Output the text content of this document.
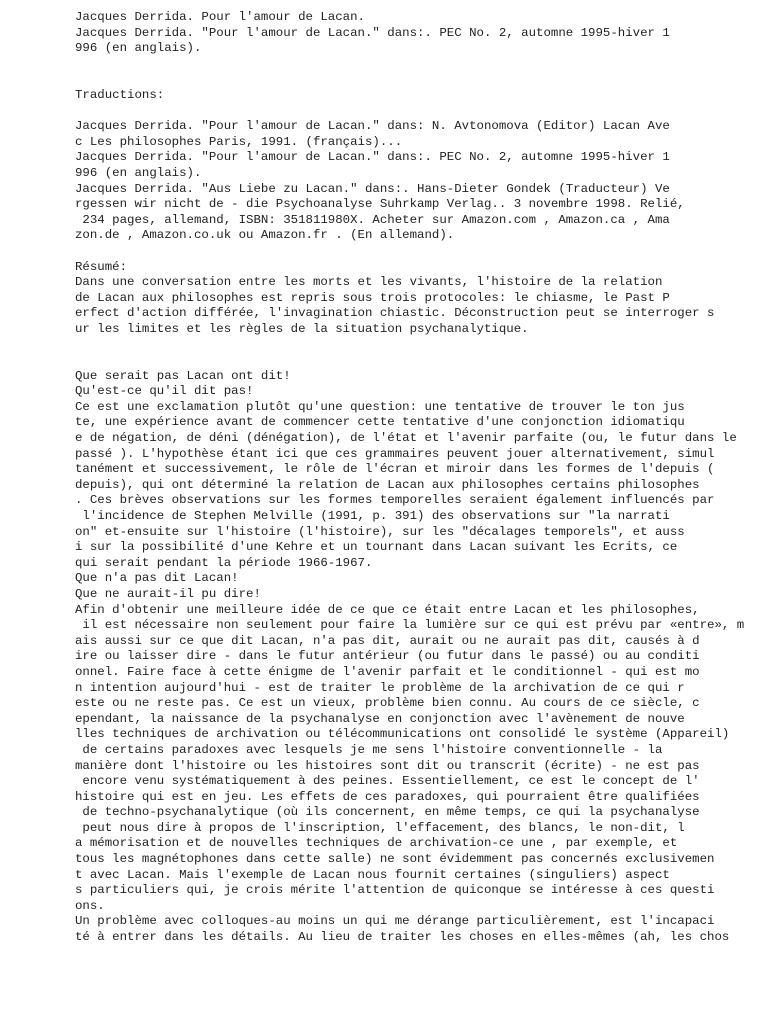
Jacques Derrida. Pour l'amour de Lacan.
Jacques Derrida. "Pour l'amour de Lacan." dans:. PEC No. 2, automne 1995-hiver 1
996 (en anglais).
Traductions:
Jacques Derrida. "Pour l'amour de Lacan." dans: N. Avtonomova (Editor) Lacan Ave
c Les philosophes Paris, 1991. (français)...
Jacques Derrida. "Pour l'amour de Lacan." dans:. PEC No. 2, automne 1995-hiver 1
996 (en anglais).
Jacques Derrida. "Aus Liebe zu Lacan." dans:. Hans-Dieter Gondek (Traducteur) Ve
rgessen wir nicht de - die Psychoanalyse Suhrkamp Verlag.. 3 novembre 1998. Relié,
234 pages, allemand, ISBN: 351811980X. Acheter sur Amazon.com , Amazon.ca , Ama
zon.de , Amazon.co.uk ou Amazon.fr . (En allemand).
Résumé:
Dans une conversation entre les morts et les vivants, l'histoire de la relation
de Lacan aux philosophes est repris sous trois protocoles: le chiasme, le Past P
erfect d'action différée, l'invagination chiastic. Déconstruction peut se interroger s
ur les limites et les règles de la situation psychanalytique.
Que serait pas Lacan ont dit!
Qu'est-ce qu'il dit pas!
Ce est une exclamation plutôt qu'une question: une tentative de trouver le ton jus
te, une expérience avant de commencer cette tentative d'une conjonction idiomatiqu
e de négation, de déni (dénégation), de l'état et l'avenir parfaite (ou, le futur dans le
passé ). L'hypothèse étant ici que ces grammaires peuvent jouer alternativement, simul
tanément et successivement, le rôle de l'écran et miroir dans les formes de l'depuis (
depuis), qui ont déterminé la relation de Lacan aux philosophes certains philosophes
. Ces brèves observations sur les formes temporelles seraient également influencés par
l'incidence de Stephen Melville (1991, p. 391) des observations sur "la narrati
on" et-ensuite sur l'histoire (l'histoire), sur les "décalages temporels", et auss
i sur la possibilité d'une Kehre et un tournant dans Lacan suivant les Ecrits, ce
qui serait pendant la période 1966-1967.
Que n'a pas dit Lacan!
Que ne aurait-il pu dire!
Afin d'obtenir une meilleure idée de ce que ce était entre Lacan et les philosophes,
il est nécessaire non seulement pour faire la lumière sur ce qui est prévu par «entre», m
ais aussi sur ce que dit Lacan, n'a pas dit, aurait ou ne aurait pas dit, causés à d
ire ou laisser dire - dans le futur antérieur (ou futur dans le passé) ou au conditi
onnel. Faire face à cette énigme de l'avenir parfait et le conditionnel - qui est mo
n intention aujourd'hui - est de traiter le problème de la archivation de ce qui r
este ou ne reste pas. Ce est un vieux, problème bien connu. Au cours de ce siècle, c
ependant, la naissance de la psychanalyse en conjonction avec l'avènement de nouve
lles techniques de archivation ou télécommunications ont consolidé le système (Appareil)
de certains paradoxes avec lesquels je me sens l'histoire conventionnelle - la
manière dont l'histoire ou les histoires sont dit ou transcrit (écrite) - ne est pas
encore venu systématiquement à des peines. Essentiellement, ce est le concept de l'
histoire qui est en jeu. Les effets de ces paradoxes, qui pourraient être qualifiées
de techno-psychanalytique (où ils concernent, en même temps, ce qui la psychanalyse
peut nous dire à propos de l'inscription, l'effacement, des blancs, le non-dit, l
a mémorisation et de nouvelles techniques de archivation-ce une , par exemple, et
tous les magnétophones dans cette salle) ne sont évidemment pas concernés exclusivemen
t avec Lacan. Mais l'exemple de Lacan nous fournit certaines (singuliers) aspect
s particuliers qui, je crois mérite l'attention de quiconque se intéresse à ces questi
ons.
Un problème avec colloques-au moins un qui me dérange particulièrement, est l'incapaci
té à entrer dans les détails. Au lieu de traiter les choses en elles-mêmes (ah, les chos
